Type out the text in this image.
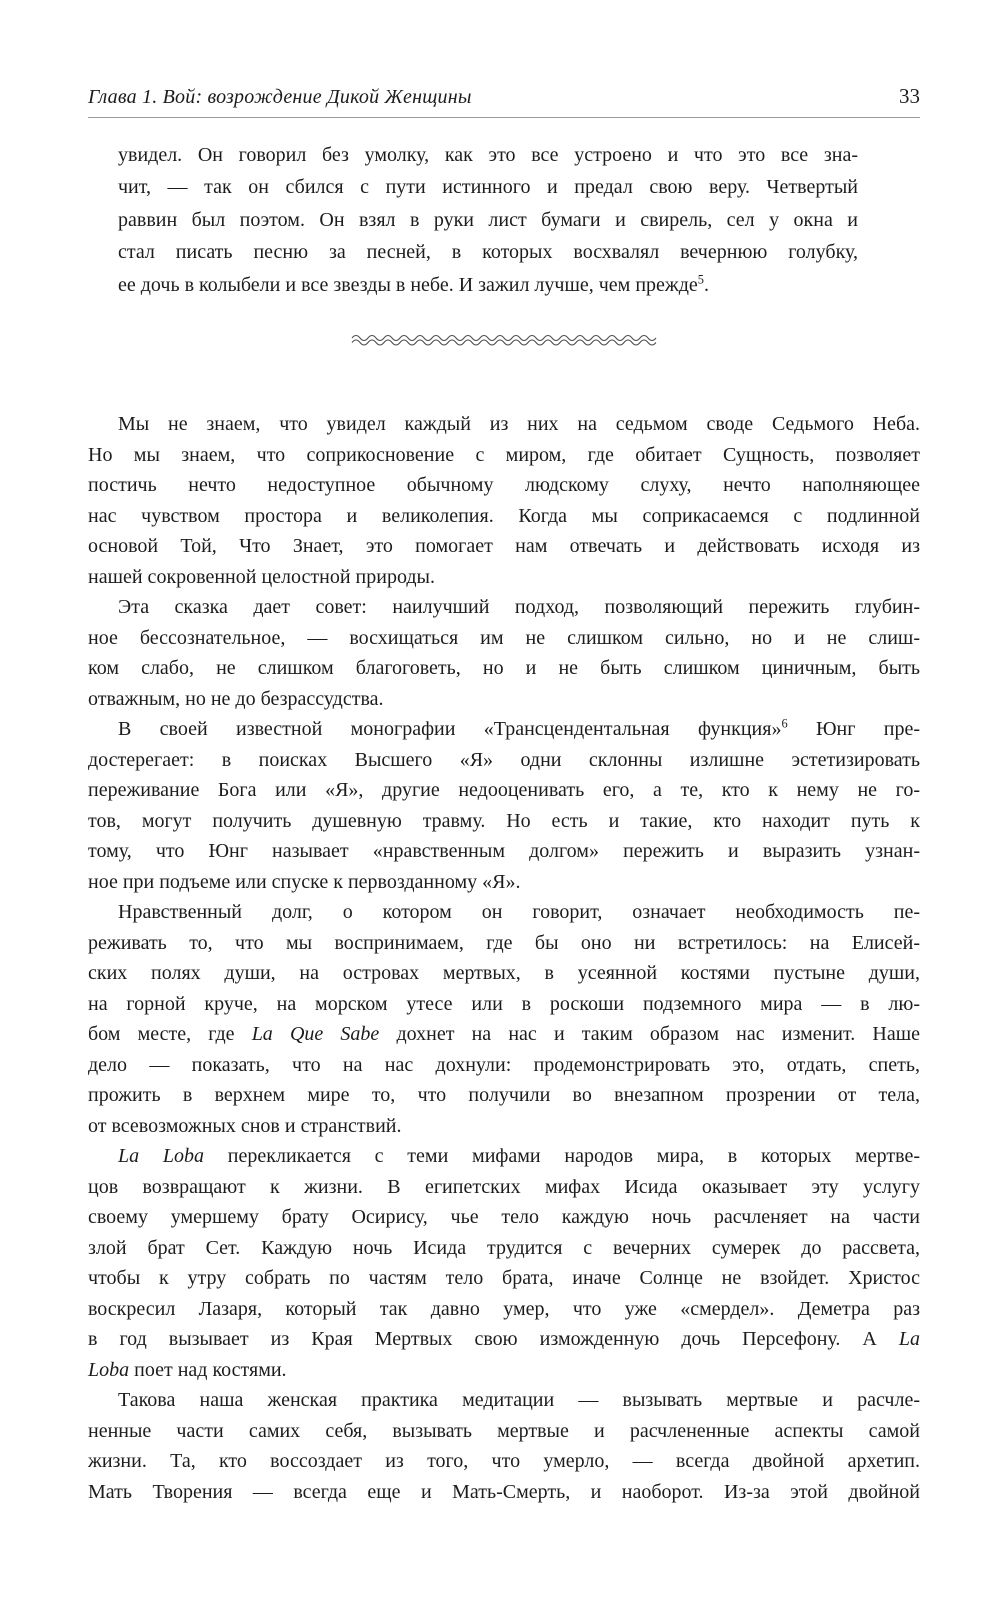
Глава 1. Вой: возрождение Дикой Женщины	33
увидел. Он говорил без умолку, как это все устроено и что это все зна-
чит, — так он сбился с пути истинного и предал свою веру. Четвертый
раввин был поэтом. Он взял в руки лист бумаги и свирель, сел у окна и
стал писать песню за песней, в которых восхвалял вечернюю голубку,
ее дочь в колыбели и все звезды в небе. И зажил лучше, чем прежде$^5$.
Мы не знаем, что увидел каждый из них на седьмом своде Седьмого Неба.
Но мы знаем, что соприкосновение с миром, где обитает Сущность, позволяет
постичь нечто недоступное обычному людскому слуху, нечто наполняющее
нас чувством простора и великолепия. Когда мы соприкасаемся с подлинной
основой Той, Что Знает, это помогает нам отвечать и действовать исходя из
нашей сокровенной целостной природы.
Эта сказка дает совет: наилучший подход, позволяющий пережить глубин-
ное бессознательное, — восхищаться им не слишком сильно, но и не слиш-
ком слабо, не слишком благоговеть, но и не быть слишком циничным, быть
отважным, но не до безрассудства.
В своей известной монографии «Трансцендентальная функция»$^6$ Юнг пре-
достерегает: в поисках Высшего «Я» одни склонны излишне эстетизировать
переживание Бога или «Я», другие недооценивать его, а те, кто к нему не го-
тов, могут получить душевную травму. Но есть и такие, кто находит путь к
тому, что Юнг называет «нравственным долгом» пережить и выразить узнан-
ное при подъеме или спуске к первозданному «Я».
Нравственный долг, о котором он говорит, означает необходимость пе-
реживать то, что мы воспринимаем, где бы оно ни встретилось: на Елисей-
ских полях души, на островах мертвых, в усеянной костями пустыне души,
на горной круче, на морском утесе или в роскоши подземного мира — в лю-
бом месте, где La Que Sabe дохнет на нас и таким образом нас изменит. Наше
дело — показать, что на нас дохнули: продемонстрировать это, отдать, спеть,
прожить в верхнем мире то, что получили во внезапном прозрении от тела,
от всевозможных снов и странствий.
La Loba перекликается с теми мифами народов мира, в которых мертве-
цов возвращают к жизни. В египетских мифах Исида оказывает эту услугу
своему умершему брату Осирису, чье тело каждую ночь расчленяет на части
злой брат Сет. Каждую ночь Исида трудится с вечерних сумерек до рассвета,
чтобы к утру собрать по частям тело брата, иначе Солнце не взойдет. Христос
воскресил Лазаря, который так давно умер, что уже «смердел». Деметра раз
в год вызывает из Края Мертвых свою изможденную дочь Персефону. А La
Loba поет над костями.
Такова наша женская практика медитации — вызывать мертвые и расчле-
ненные части самих себя, вызывать мертвые и расчлененные аспекты самой
жизни. Та, кто воссоздает из того, что умерло, — всегда двойной архетип.
Мать Творения — всегда еще и Мать-Смерть, и наоборот. Из-за этой двойной
